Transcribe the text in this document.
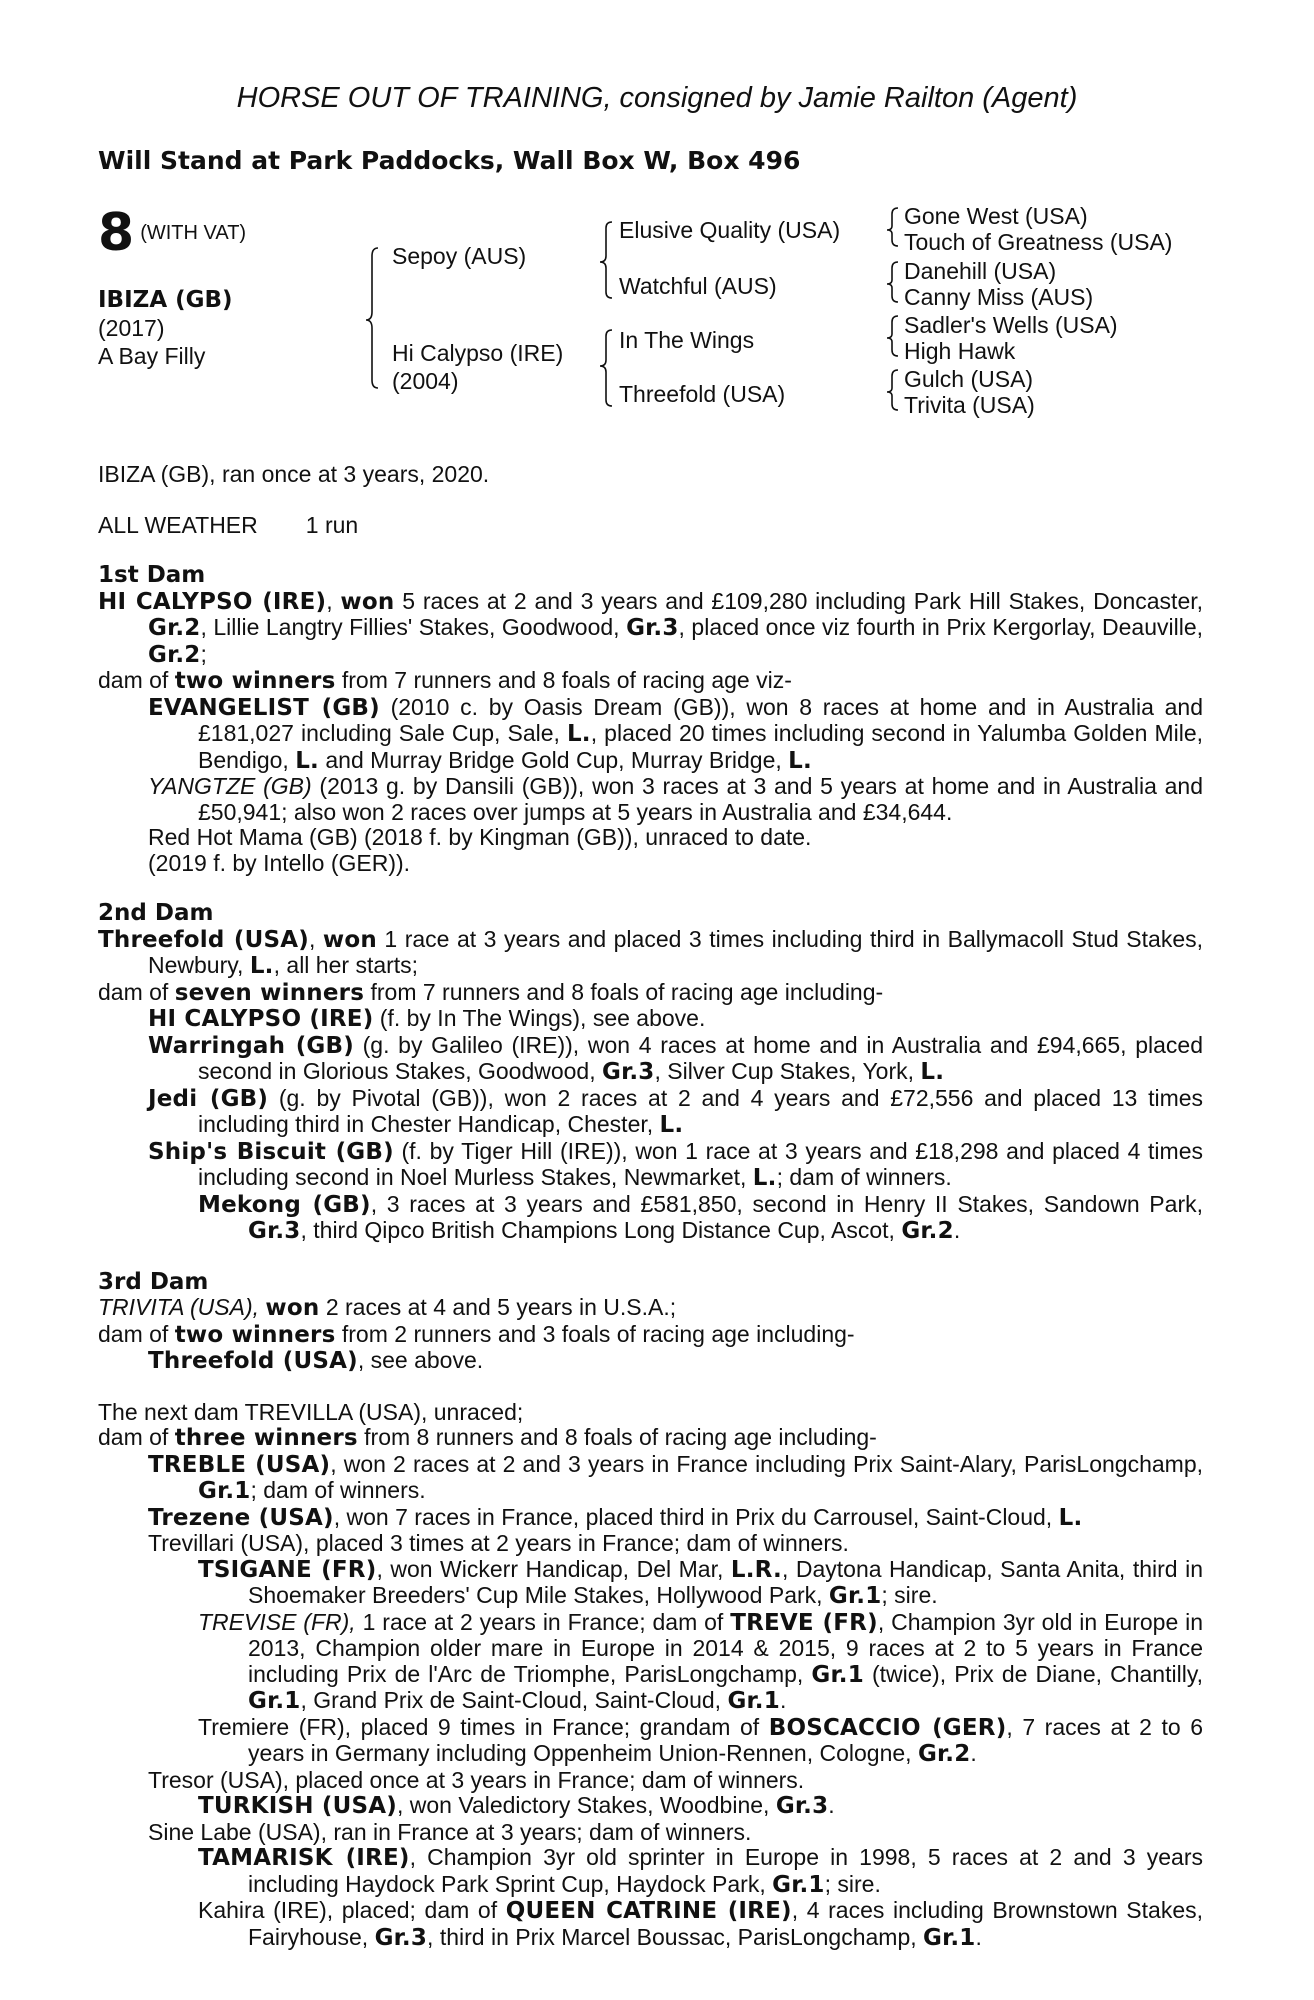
HORSE OUT OF TRAINING, consigned by Jamie Railton (Agent)
Will Stand at Park Paddocks, Wall Box W, Box 496
8 (WITH VAT)
IBIZA (GB)
(2017)
A Bay Filly
Sepoy (AUS)
Hi Calypso (IRE)
(2004)
Elusive Quality (USA)
Watchful (AUS)
In The Wings
Threefold (USA)
Gone West (USA)
Touch of Greatness (USA)
Danehill (USA)
Canny Miss (AUS)
Sadler's Wells (USA)
High Hawk
Gulch (USA)
Trivita (USA)

IBIZA (GB), ran once at 3 years, 2020.

ALL WEATHER 1 run

1st Dam

HI CALYPSO (IRE), won 5 races at 2 and 3 years and £109,280 including Park Hill Stakes, Doncaster, Gr.2, Lillie Langtry Fillies' Stakes, Goodwood, Gr.3, placed once viz fourth in Prix Kergorlay, Deauville, Gr.2;

dam of two winners from 7 runners and 8 foals of racing age viz-

EVANGELIST (GB) (2010 c. by Oasis Dream (GB)), won 8 races at home and in Australia and £181,027 including Sale Cup, Sale, L., placed 20 times including second in Yalumba Golden Mile, Bendigo, L. and Murray Bridge Gold Cup, Murray Bridge, L.

YANGTZE (GB) (2013 g. by Dansili (GB)), won 3 races at 3 and 5 years at home and in Australia and £50,941; also won 2 races over jumps at 5 years in Australia and £34,644.

Red Hot Mama (GB) (2018 f. by Kingman (GB)), unraced to date.

(2019 f. by Intello (GER)).

2nd Dam

Threefold (USA), won 1 race at 3 years and placed 3 times including third in Ballymacoll Stud Stakes, Newbury, L., all her starts;

dam of seven winners from 7 runners and 8 foals of racing age including-

HI CALYPSO (IRE) (f. by In The Wings), see above.

Warringah (GB) (g. by Galileo (IRE)), won 4 races at home and in Australia and £94,665, placed second in Glorious Stakes, Goodwood, Gr.3, Silver Cup Stakes, York, L.

Jedi (GB) (g. by Pivotal (GB)), won 2 races at 2 and 4 years and £72,556 and placed 13 times including third in Chester Handicap, Chester, L.

Ship's Biscuit (GB) (f. by Tiger Hill (IRE)), won 1 race at 3 years and £18,298 and placed 4 times including second in Noel Murless Stakes, Newmarket, L.; dam of winners.

Mekong (GB), 3 races at 3 years and £581,850, second in Henry II Stakes, Sandown Park, Gr.3, third Qipco British Champions Long Distance Cup, Ascot, Gr.2.

3rd Dam

TRIVITA (USA), won 2 races at 4 and 5 years in U.S.A.;

dam of two winners from 2 runners and 3 foals of racing age including-

Threefold (USA), see above.

The next dam TREVILLA (USA), unraced;

dam of three winners from 8 runners and 8 foals of racing age including-

TREBLE (USA), won 2 races at 2 and 3 years in France including Prix Saint-Alary, ParisLongchamp, Gr.1; dam of winners.

Trezene (USA), won 7 races in France, placed third in Prix du Carrousel, Saint-Cloud, L.

Trevillari (USA), placed 3 times at 2 years in France; dam of winners.

TSIGANE (FR), won Wickerr Handicap, Del Mar, L.R., Daytona Handicap, Santa Anita, third in Shoemaker Breeders' Cup Mile Stakes, Hollywood Park, Gr.1; sire.

TREVISE (FR), 1 race at 2 years in France; dam of TREVE (FR), Champion 3yr old in Europe in 2013, Champion older mare in Europe in 2014 & 2015, 9 races at 2 to 5 years in France including Prix de l'Arc de Triomphe, ParisLongchamp, Gr.1 (twice), Prix de Diane, Chantilly, Gr.1, Grand Prix de Saint-Cloud, Saint-Cloud, Gr.1.

Tremiere (FR), placed 9 times in France; grandam of BOSCACCIO (GER), 7 races at 2 to 6 years in Germany including Oppenheim Union-Rennen, Cologne, Gr.2.

Tresor (USA), placed once at 3 years in France; dam of winners.

TURKISH (USA), won Valedictory Stakes, Woodbine, Gr.3.

Sine Labe (USA), ran in France at 3 years; dam of winners.

TAMARISK (IRE), Champion 3yr old sprinter in Europe in 1998, 5 races at 2 and 3 years including Haydock Park Sprint Cup, Haydock Park, Gr.1; sire.

Kahira (IRE), placed; dam of QUEEN CATRINE (IRE), 4 races including Brownstown Stakes, Fairyhouse, Gr.3, third in Prix Marcel Boussac, ParisLongchamp, Gr.1.
